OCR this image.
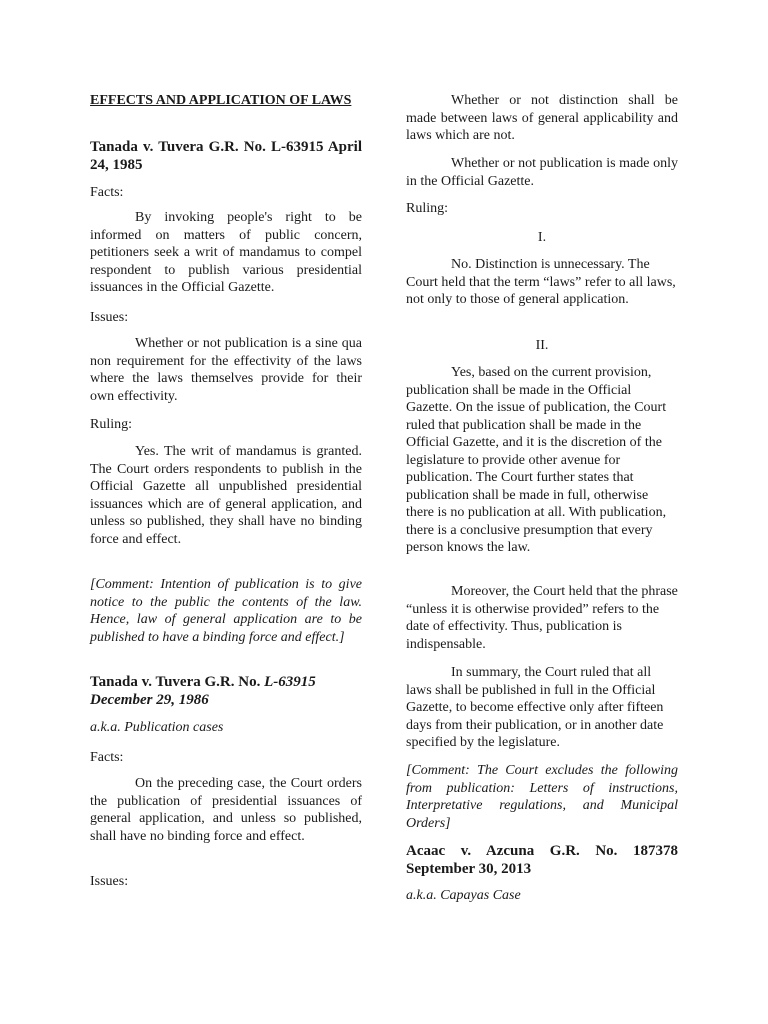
EFFECTS AND APPLICATION OF LAWS
Tanada v. Tuvera G.R. No. L-63915 April 24, 1985
Facts:
By invoking people's right to be informed on matters of public concern, petitioners seek a writ of mandamus to compel respondent to publish various presidential issuances in the Official Gazette.
Issues:
Whether or not publication is a sine qua non requirement for the effectivity of the laws where the laws themselves provide for their own effectivity.
Ruling:
Yes. The writ of mandamus is granted. The Court orders respondents to publish in the Official Gazette all unpublished presidential issuances which are of general application, and unless so published, they shall have no binding force and effect.
[Comment: Intention of publication is to give notice to the public the contents of the law. Hence, law of general application are to be published to have a binding force and effect.]
Tanada v. Tuvera G.R. No. L-63915
December 29, 1986
a.k.a. Publication cases
Facts:
On the preceding case, the Court orders the publication of presidential issuances of general application, and unless so published, shall have no binding force and effect.
Issues:
Whether or not distinction shall be made between laws of general applicability and laws which are not.
Whether or not publication is made only in the Official Gazette.
Ruling:
I.
No. Distinction is unnecessary. The Court held that the term “laws” refer to all laws, not only to those of general application.
II.
Yes, based on the current provision, publication shall be made in the Official Gazette. On the issue of publication, the Court ruled that publication shall be made in the Official Gazette, and it is the discretion of the legislature to provide other avenue for publication. The Court further states that publication shall be made in full, otherwise there is no publication at all. With publication, there is a conclusive presumption that every person knows the law.
Moreover, the Court held that the phrase “unless it is otherwise provided” refers to the date of effectivity. Thus, publication is indispensable.
In summary, the Court ruled that all laws shall be published in full in the Official Gazette, to become effective only after fifteen days from their publication, or in another date specified by the legislature.
[Comment: The Court excludes the following from publication: Letters of instructions, Interpretative regulations, and Municipal Orders]
Acaac v. Azcuna G.R. No. 187378 September 30, 2013
a.k.a. Capayas Case
